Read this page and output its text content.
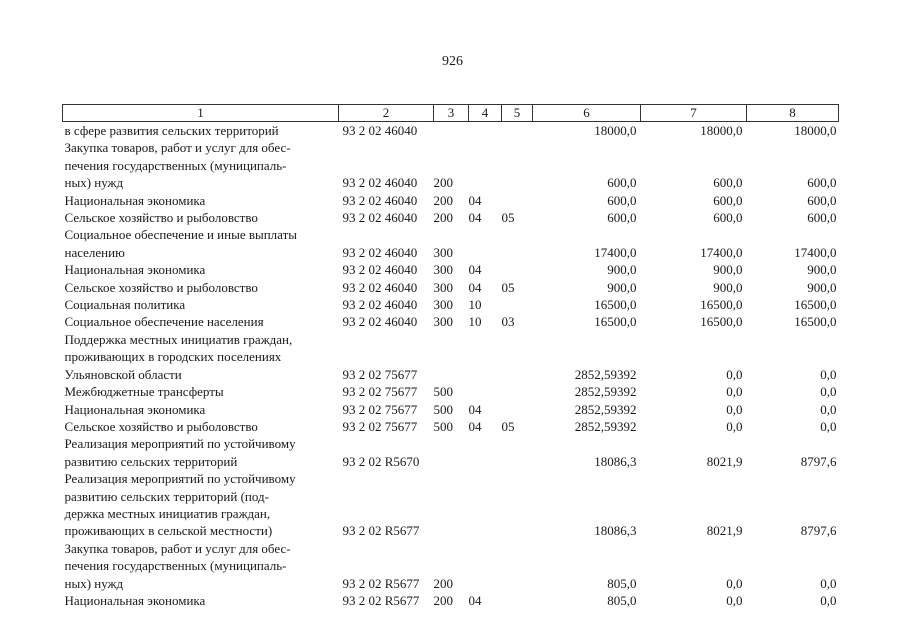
926
1	2	3	4	5	6	7	8

в сфере развития сельских территорий	93 2 02 46040				18000,0	18000,0	18000,0

Закупка товаров, работ и услуг для обес-
печения государственных (муниципаль-
ных) нужд	93 2 02 46040	200			600,0	600,0	600,0

Национальная экономика	93 2 02 46040	200	04		600,0	600,0	600,0

Сельское хозяйство и рыболовство	93 2 02 46040	200	04	05	600,0	600,0	600,0

Социальное обеспечение и иные выплаты
населению	93 2 02 46040	300			17400,0	17400,0	17400,0

Национальная экономика	93 2 02 46040	300	04		900,0	900,0	900,0

Сельское хозяйство и рыболовство	93 2 02 46040	300	04	05	900,0	900,0	900,0

Социальная политика	93 2 02 46040	300	10		16500,0	16500,0	16500,0

Социальное обеспечение населения	93 2 02 46040	300	10	03	16500,0	16500,0	16500,0

Поддержка местных инициатив граждан,
проживающих в городских поселениях
Ульяновской области	93 2 02 75677				2852,59392	0,0	0,0

Межбюджетные трансферты	93 2 02 75677	500			2852,59392	0,0	0,0

Национальная экономика	93 2 02 75677	500	04		2852,59392	0,0	0,0

Сельское хозяйство и рыболовство	93 2 02 75677	500	04	05	2852,59392	0,0	0,0

Реализация мероприятий по устойчивому
развитию сельских территорий	93 2 02 R5670				18086,3	8021,9	8797,6

Реализация мероприятий по устойчивому
развитию сельских территорий (под-
держка местных инициатив граждан,
проживающих в сельской местности)	93 2 02 R5677				18086,3	8021,9	8797,6

Закупка товаров, работ и услуг для обес-
печения государственных (муниципаль-
ных) нужд	93 2 02 R5677	200			805,0	0,0	0,0

Национальная экономика	93 2 02 R5677	200	04		805,0	0,0	0,0
